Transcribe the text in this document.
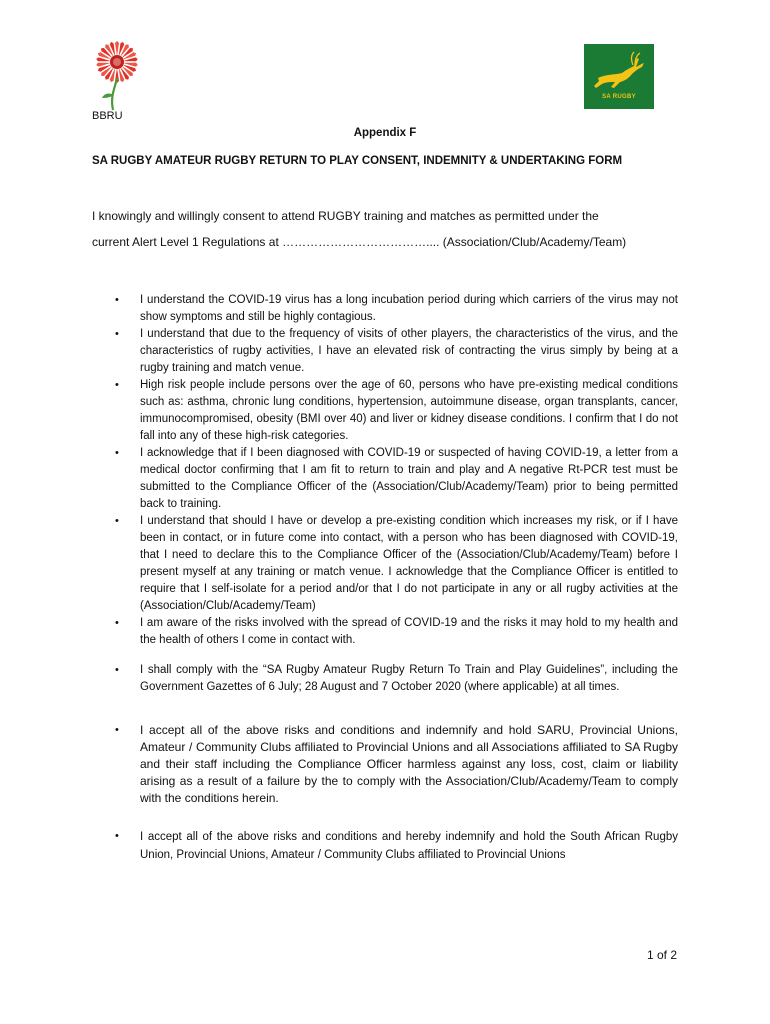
SA RUGBY
BBRU
Appendix F
SA RUGBY AMATEUR RUGBY RETURN TO PLAY CONSENT, INDEMNITY & UNDERTAKING FORM

I knowingly and willingly consent to attend RUGBY training and matches as permitted under the

current Alert Level 1 Regulations at ……………………………….... (Association/Club/Academy/Team)

• I understand the COVID-19 virus has a long incubation period during which carriers of the virus may not show symptoms and still be highly contagious.
• I understand that due to the frequency of visits of other players, the characteristics of the virus, and the characteristics of rugby activities, I have an elevated risk of contracting the virus simply by being at a rugby training and match venue.
• High risk people include persons over the age of 60, persons who have pre-existing medical conditions such as: asthma, chronic lung conditions, hypertension, autoimmune disease, organ transplants, cancer, immunocompromised, obesity (BMI over 40) and liver or kidney disease conditions. I confirm that I do not fall into any of these high-risk categories.
• I acknowledge that if I been diagnosed with COVID-19 or suspected of having COVID-19, a letter from a medical doctor confirming that I am fit to return to train and play and A negative Rt-PCR test must be submitted to the Compliance Officer of the (Association/Club/Academy/Team) prior to being permitted back to training.
• I understand that should I have or develop a pre-existing condition which increases my risk, or if I have been in contact, or in future come into contact, with a person who has been diagnosed with COVID-19, that I need to declare this to the Compliance Officer of the (Association/Club/Academy/Team) before I present myself at any training or match venue. I acknowledge that the Compliance Officer is entitled to require that I self-isolate for a period and/or that I do not participate in any or all rugby activities at the (Association/Club/Academy/Team)
• I am aware of the risks involved with the spread of COVID-19 and the risks it may hold to my health and the health of others I come in contact with.
• I shall comply with the “SA Rugby Amateur Rugby Return To Train and Play Guidelines”, including the Government Gazettes of 6 July; 28 August and 7 October 2020 (where applicable) at all times.
• I accept all of the above risks and conditions and indemnify and hold SARU, Provincial Unions, Amateur / Community Clubs affiliated to Provincial Unions and all Associations affiliated to SA Rugby and their staff including the Compliance Officer harmless against any loss, cost, claim or liability arising as a result of a failure by the to comply with the Association/Club/Academy/Team to comply with the conditions herein.
• I accept all of the above risks and conditions and hereby indemnify and hold the South African Rugby Union, Provincial Unions, Amateur / Community Clubs affiliated to Provincial Unions
1 of 2
